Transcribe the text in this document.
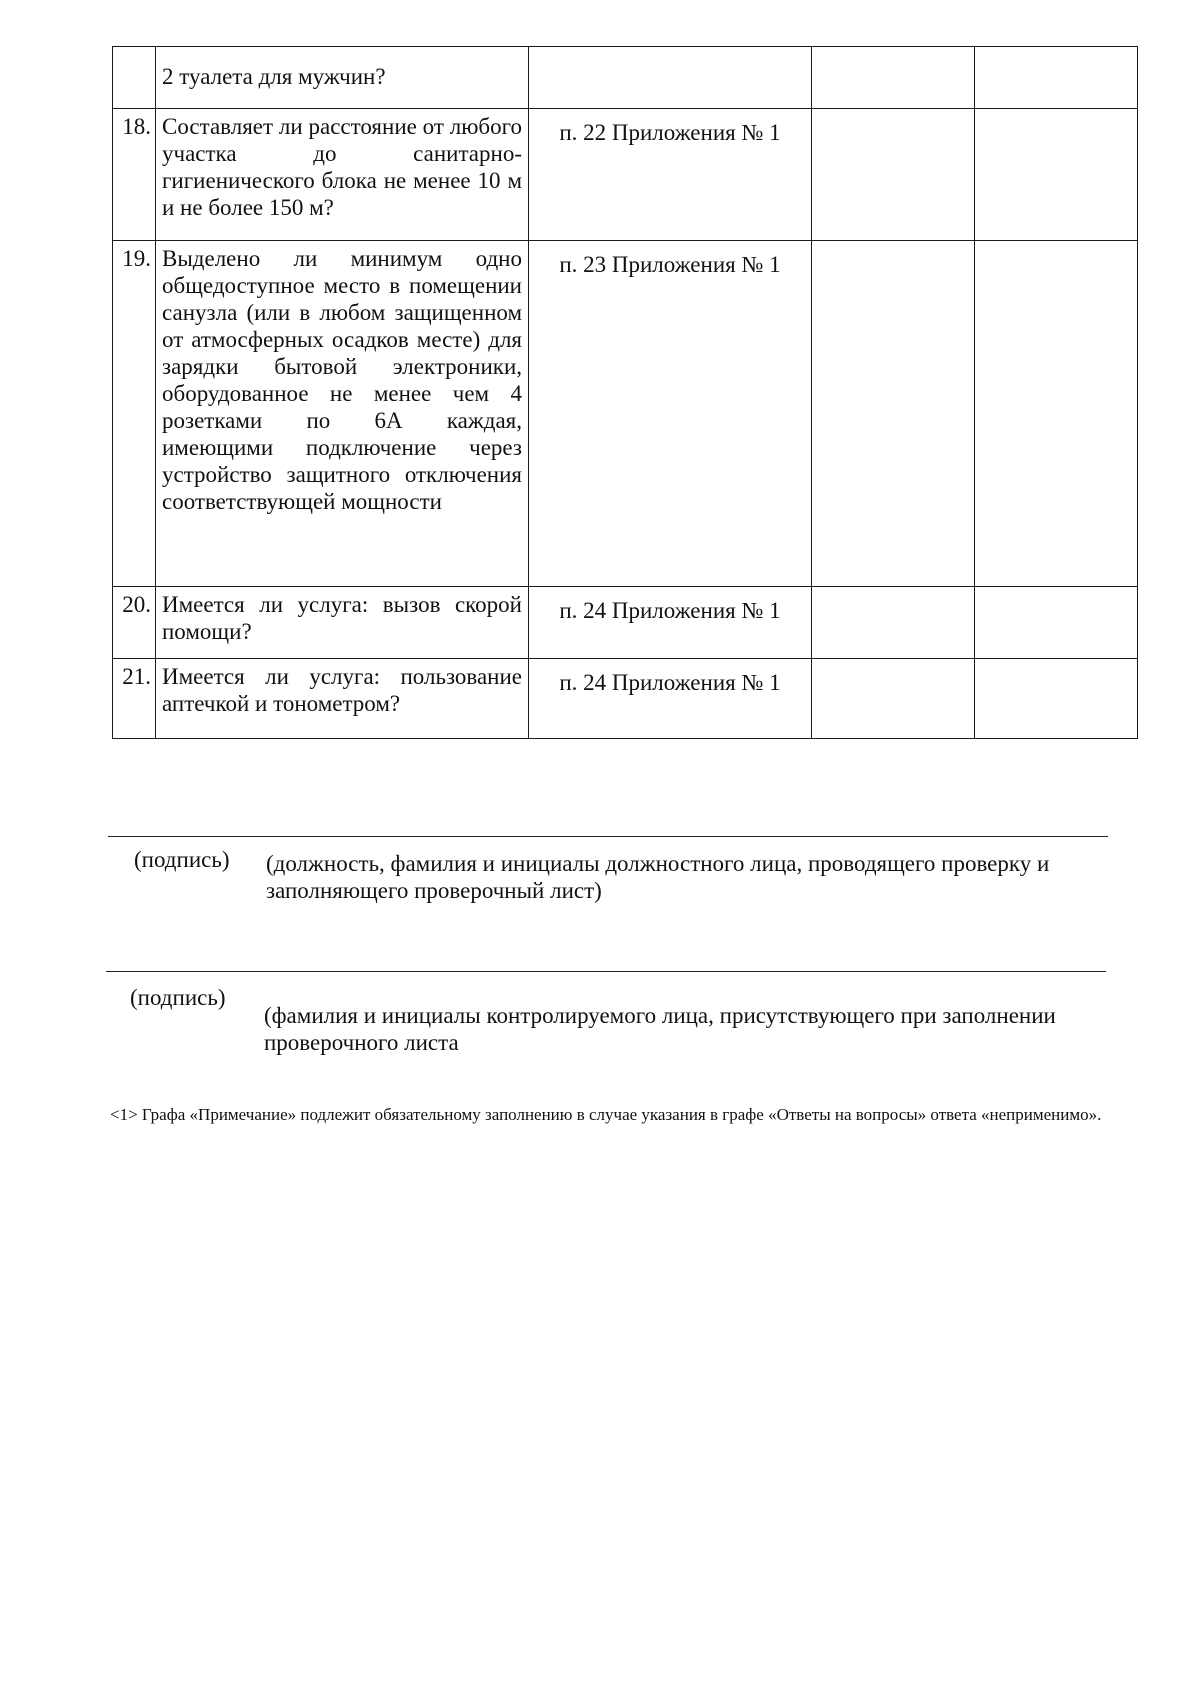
	2 туалета для мужчин?			
18.	Составляет ли расстояние от любого участка до санитарно-гигиенического блока не менее 10 м и не более 150 м?	п. 22 Приложения № 1		
19.	Выделено ли минимум одно общедоступное место в помещении санузла (или в любом защищенном от атмосферных осадков месте) для зарядки бытовой электроники, оборудованное не менее чем 4 розетками по 6А каждая, имеющими подключение через устройство защитного отключения соответствующей мощности	п. 23 Приложения № 1		
20.	Имеется ли услуга: вызов скорой помощи?	п. 24 Приложения № 1		
21.	Имеется ли услуга: пользование аптечкой и тонометром?	п. 24 Приложения № 1		
(подпись) (должность, фамилия и инициалы должностного лица, проводящего проверку и заполняющего проверочный лист)
(подпись)
(фамилия и инициалы контролируемого лица, присутствующего при заполнении проверочного листа
<1> Графа «Примечание» подлежит обязательному заполнению в случае указания в графе «Ответы на вопросы» ответа «неприменимо».
